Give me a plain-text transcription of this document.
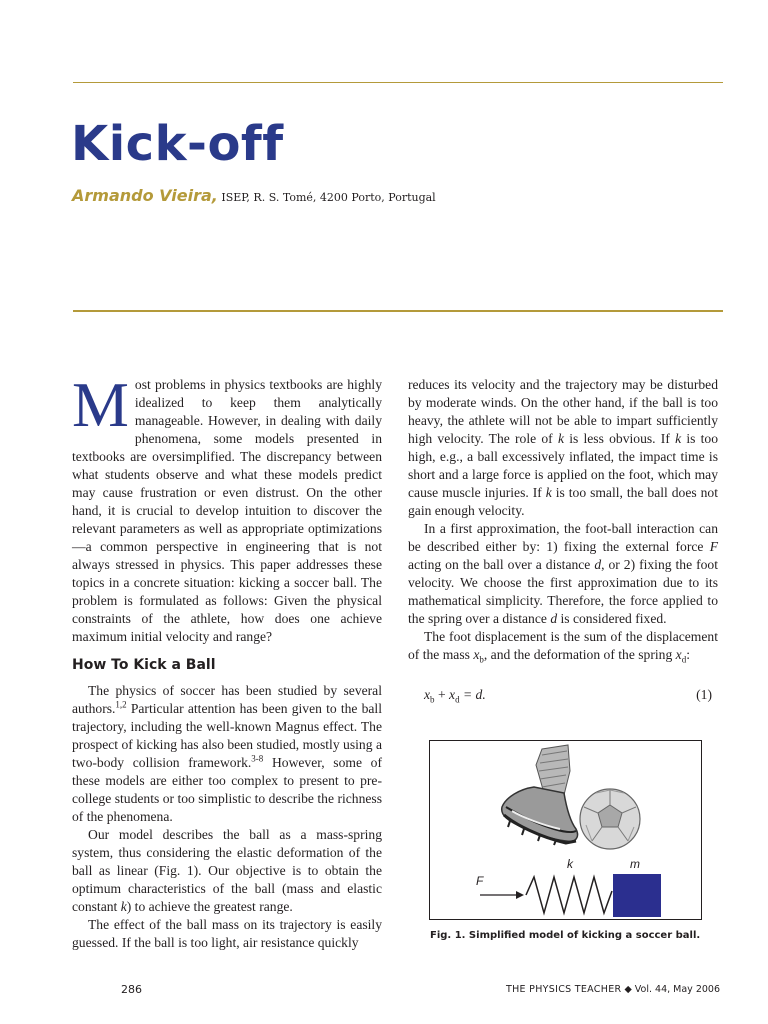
Kick-off
Armando Vieira, ISEP, R. S. Tomé, 4200 Porto, Portugal

Most problems in physics textbooks are highly idealized to keep them analytically manageable. However, in dealing with daily phenomena, some models presented in textbooks are oversimplified. The discrepancy between what students observe and what these models predict may cause frustration or even distrust. On the other hand, it is crucial to develop intuition to discover the relevant parameters as well as appropriate optimizations—a common perspective in engineering that is not always stressed in physics. This paper addresses these topics in a concrete situation: kicking a soccer ball. The problem is formulated as follows: Given the physical constraints of the athlete, how does one achieve maximum initial velocity and range?

How To Kick a Ball

The physics of soccer has been studied by several authors.$^{1,2}$ Particular attention has been given to the ball trajectory, including the well-known Magnus effect. The prospect of kicking has also been studied, mostly using a two-body collision framework.$^{3-8}$ However, some of these models are either too complex to present to pre-college students or too simplistic to describe the richness of the phenomena.

Our model describes the ball as a mass-spring system, thus considering the elastic deformation of the ball as linear (Fig. 1). Our objective is to obtain the optimum characteristics of the ball (mass and elastic constant k) to achieve the greatest range.

The effect of the ball mass on its trajectory is easily guessed. If the ball is too light, air resistance quickly

reduces its velocity and the trajectory may be disturbed by moderate winds. On the other hand, if the ball is too heavy, the athlete will not be able to impart sufficiently high velocity. The role of k is less obvious. If k is too high, e.g., a ball excessively inflated, the impact time is short and a large force is applied on the foot, which may cause muscle injuries. If k is too small, the ball does not gain enough velocity.

In a first approximation, the foot-ball interaction can be described either by: 1) fixing the external force F acting on the ball over a distance d, or 2) fixing the foot velocity. We choose the first approximation due to its mathematical simplicity. Therefore, the force applied to the spring over a distance d is considered fixed.

The foot displacement is the sum of the displacement of the mass $x_b$, and the deformation of the spring $x_d$:

$x_b + x_d = d$.	(1)
F
k	m
Fig. 1. Simplified model of kicking a soccer ball.
286	THE PHYSICS TEACHER ◆ Vol. 44, May 2006
